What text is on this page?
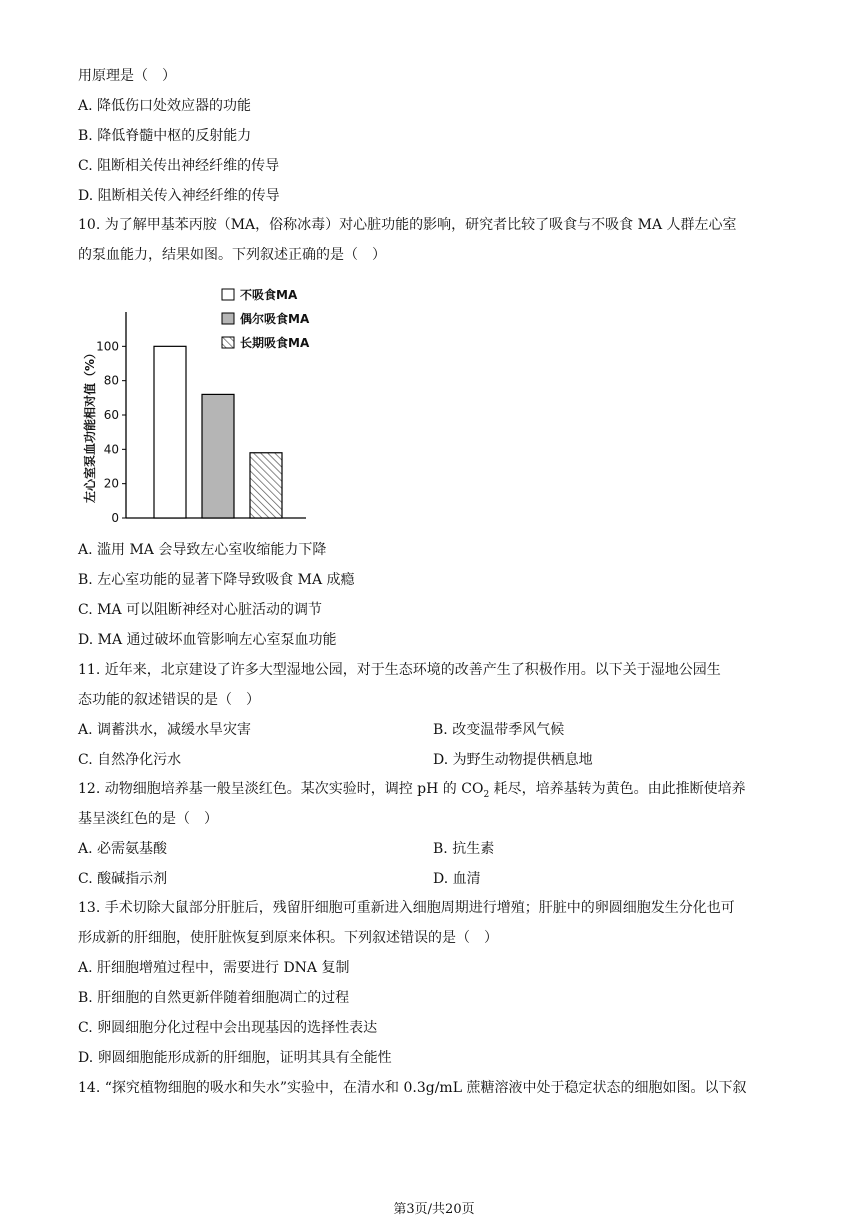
用原理是（　）
A. 降低伤口处效应器的功能
B. 降低脊髓中枢的反射能力
C. 阻断相关传出神经纤维的传导
D. 阻断相关传入神经纤维的传导
10. 为了解甲基苯丙胺（MA，俗称冰毒）对心脏功能的影响，研究者比较了吸食与不吸食 MA 人群左心室
的泵血能力，结果如图。下列叙述正确的是（　）
0
20
40
60
80
100
左心室泵血功能相对值（%）
不吸食MA
偶尔吸食MA
长期吸食MA
A. 滥用 MA 会导致左心室收缩能力下降
B. 左心室功能的显著下降导致吸食 MA 成瘾
C. MA 可以阻断神经对心脏活动的调节
D. MA 通过破坏血管影响左心室泵血功能
11. 近年来，北京建设了许多大型湿地公园，对于生态环境的改善产生了积极作用。以下关于湿地公园生
态功能的叙述错误的是（　）
A. 调蓄洪水，减缓水旱灾害	B. 改变温带季风气候
C. 自然净化污水	D. 为野生动物提供栖息地
12. 动物细胞培养基一般呈淡红色。某次实验时，调控 pH 的 $CO_2$ 耗尽，培养基转为黄色。由此推断使培养
基呈淡红色的是（　）
A. 必需氨基酸	B. 抗生素
C. 酸碱指示剂	D. 血清
13. 手术切除大鼠部分肝脏后，残留肝细胞可重新进入细胞周期进行增殖；肝脏中的卵圆细胞发生分化也可
形成新的肝细胞，使肝脏恢复到原来体积。下列叙述错误的是（　）
A. 肝细胞增殖过程中，需要进行 DNA 复制
B. 肝细胞的自然更新伴随着细胞凋亡的过程
C. 卵圆细胞分化过程中会出现基因的选择性表达
D. 卵圆细胞能形成新的肝细胞，证明其具有全能性
14. “探究植物细胞的吸水和失水”实验中，在清水和 0.3g/mL 蔗糖溶液中处于稳定状态的细胞如图。以下叙
第3页/共20页
